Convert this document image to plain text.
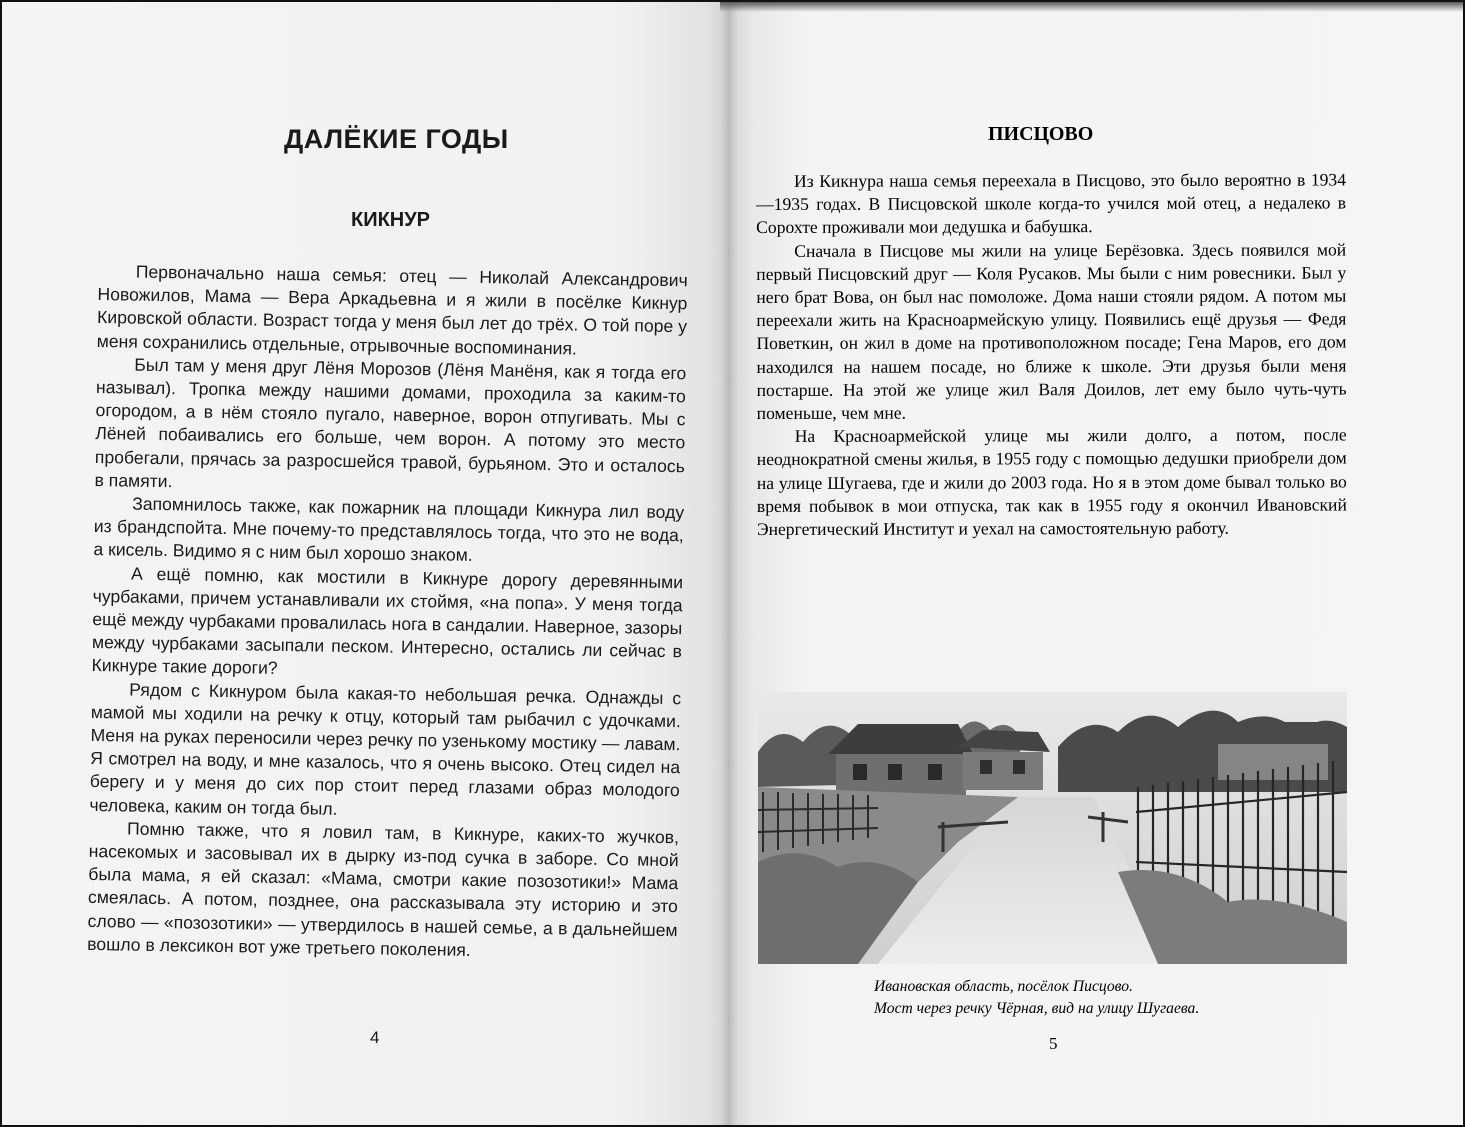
ДАЛЁКИЕ ГОДЫ
КИКНУР

Первоначально наша семья: отец — Николай Александрович Новожилов, Мама — Вера Аркадьевна и я жили в посёлке Кикнур Кировской области. Возраст тогда у меня был лет до трёх. О той поре у меня сохранились отдельные, отрывочные воспоминания.

Был там у меня друг Лёня Морозов (Лёня Манёня, как я тогда его называл). Тропка между нашими домами, проходила за каким-то огородом, а в нём стояло пугало, наверное, ворон отпугивать. Мы с Лёней побаивались его больше, чем ворон. А потому это место пробегали, прячась за разросшейся травой, бурьяном. Это и осталось в памяти.

Запомнилось также, как пожарник на площади Кикнура лил воду из брандспойта. Мне почему-то представлялось тогда, что это не вода, а кисель. Видимо я с ним был хорошо знаком.

А ещё помню, как мостили в Кикнуре дорогу деревянными чурбаками, причем устанавливали их стоймя, «на попа». У меня тогда ещё между чурбаками провалилась нога в сандалии. Наверное, зазоры между чурбаками засыпали песком. Интересно, остались ли сейчас в Кикнуре такие дороги?

Рядом с Кикнуром была какая-то небольшая речка. Однажды с мамой мы ходили на речку к отцу, который там рыбачил с удочками. Меня на руках переносили через речку по узенькому мостику — лавам. Я смотрел на воду, и мне казалось, что я очень высоко. Отец сидел на берегу и у меня до сих пор стоит перед глазами образ молодого человека, каким он тогда был.

Помню также, что я ловил там, в Кикнуре, каких-то жучков, насекомых и засовывал их в дырку из-под сучка в заборе. Со мной была мама, я ей сказал: «Мама, смотри какие позозотики!» Мама смеялась. А потом, позднее, она рассказывала эту историю и это слово — «позозотики» — утвердилось в нашей семье, а в дальнейшем вошло в лексикон вот уже третьего поколения.

4
ПИСЦОВО

Из Кикнура наша семья переехала в Писцово, это было вероятно в 1934—1935 годах. В Писцовской школе когда-то учился мой отец, а недалеко в Сорохте проживали мои дедушка и бабушка.

Сначала в Писцове мы жили на улице Берёзовка. Здесь появился мой первый Писцовский друг — Коля Русаков. Мы были с ним ровесники. Был у него брат Вова, он был нас помоложе. Дома наши стояли рядом. А потом мы переехали жить на Красноармейскую улицу. Появились ещё друзья — Федя Поветкин, он жил в доме на противоположном посаде; Гена Маров, его дом находился на нашем посаде, но ближе к школе. Эти друзья были меня постарше. На этой же улице жил Валя Доилов, лет ему было чуть-чуть поменьше, чем мне.

На Красноармейской улице мы жили долго, а потом, после неоднократной смены жилья, в 1955 году с помощью дедушки приобрели дом на улице Шугаева, где и жили до 2003 года. Но я в этом доме бывал только во время побывок в мои отпуска, так как в 1955 году я окончил Ивановский Энергетический Институт и уехал на самостоятельную работу.

Ивановская область, посёлок Писцово.
Мост через речку Чёрная, вид на улицу Шугаева.
5
